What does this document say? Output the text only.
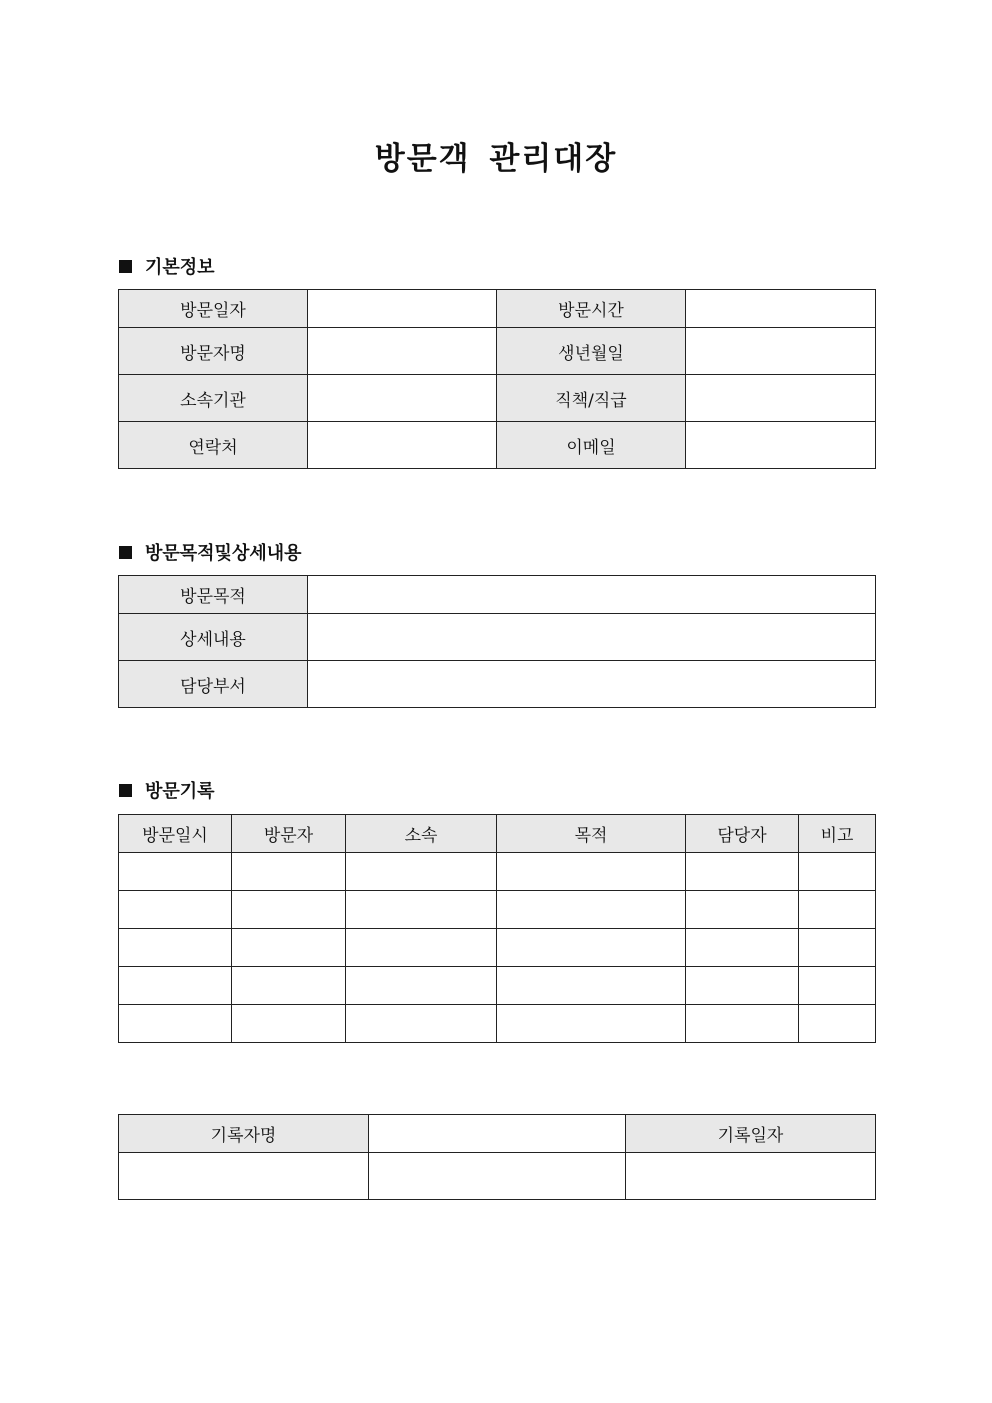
방문객 관리대장
기본정보
방문일자		방문시간	
방문자명		생년월일	
소속기관		직책/직급	
연락처		이메일	
방문목적및상세내용
방문목적	
상세내용	
담당부서	
방문기록
방문일시	방문자	소속	목적	담당자	비고

기록자명		기록일자
